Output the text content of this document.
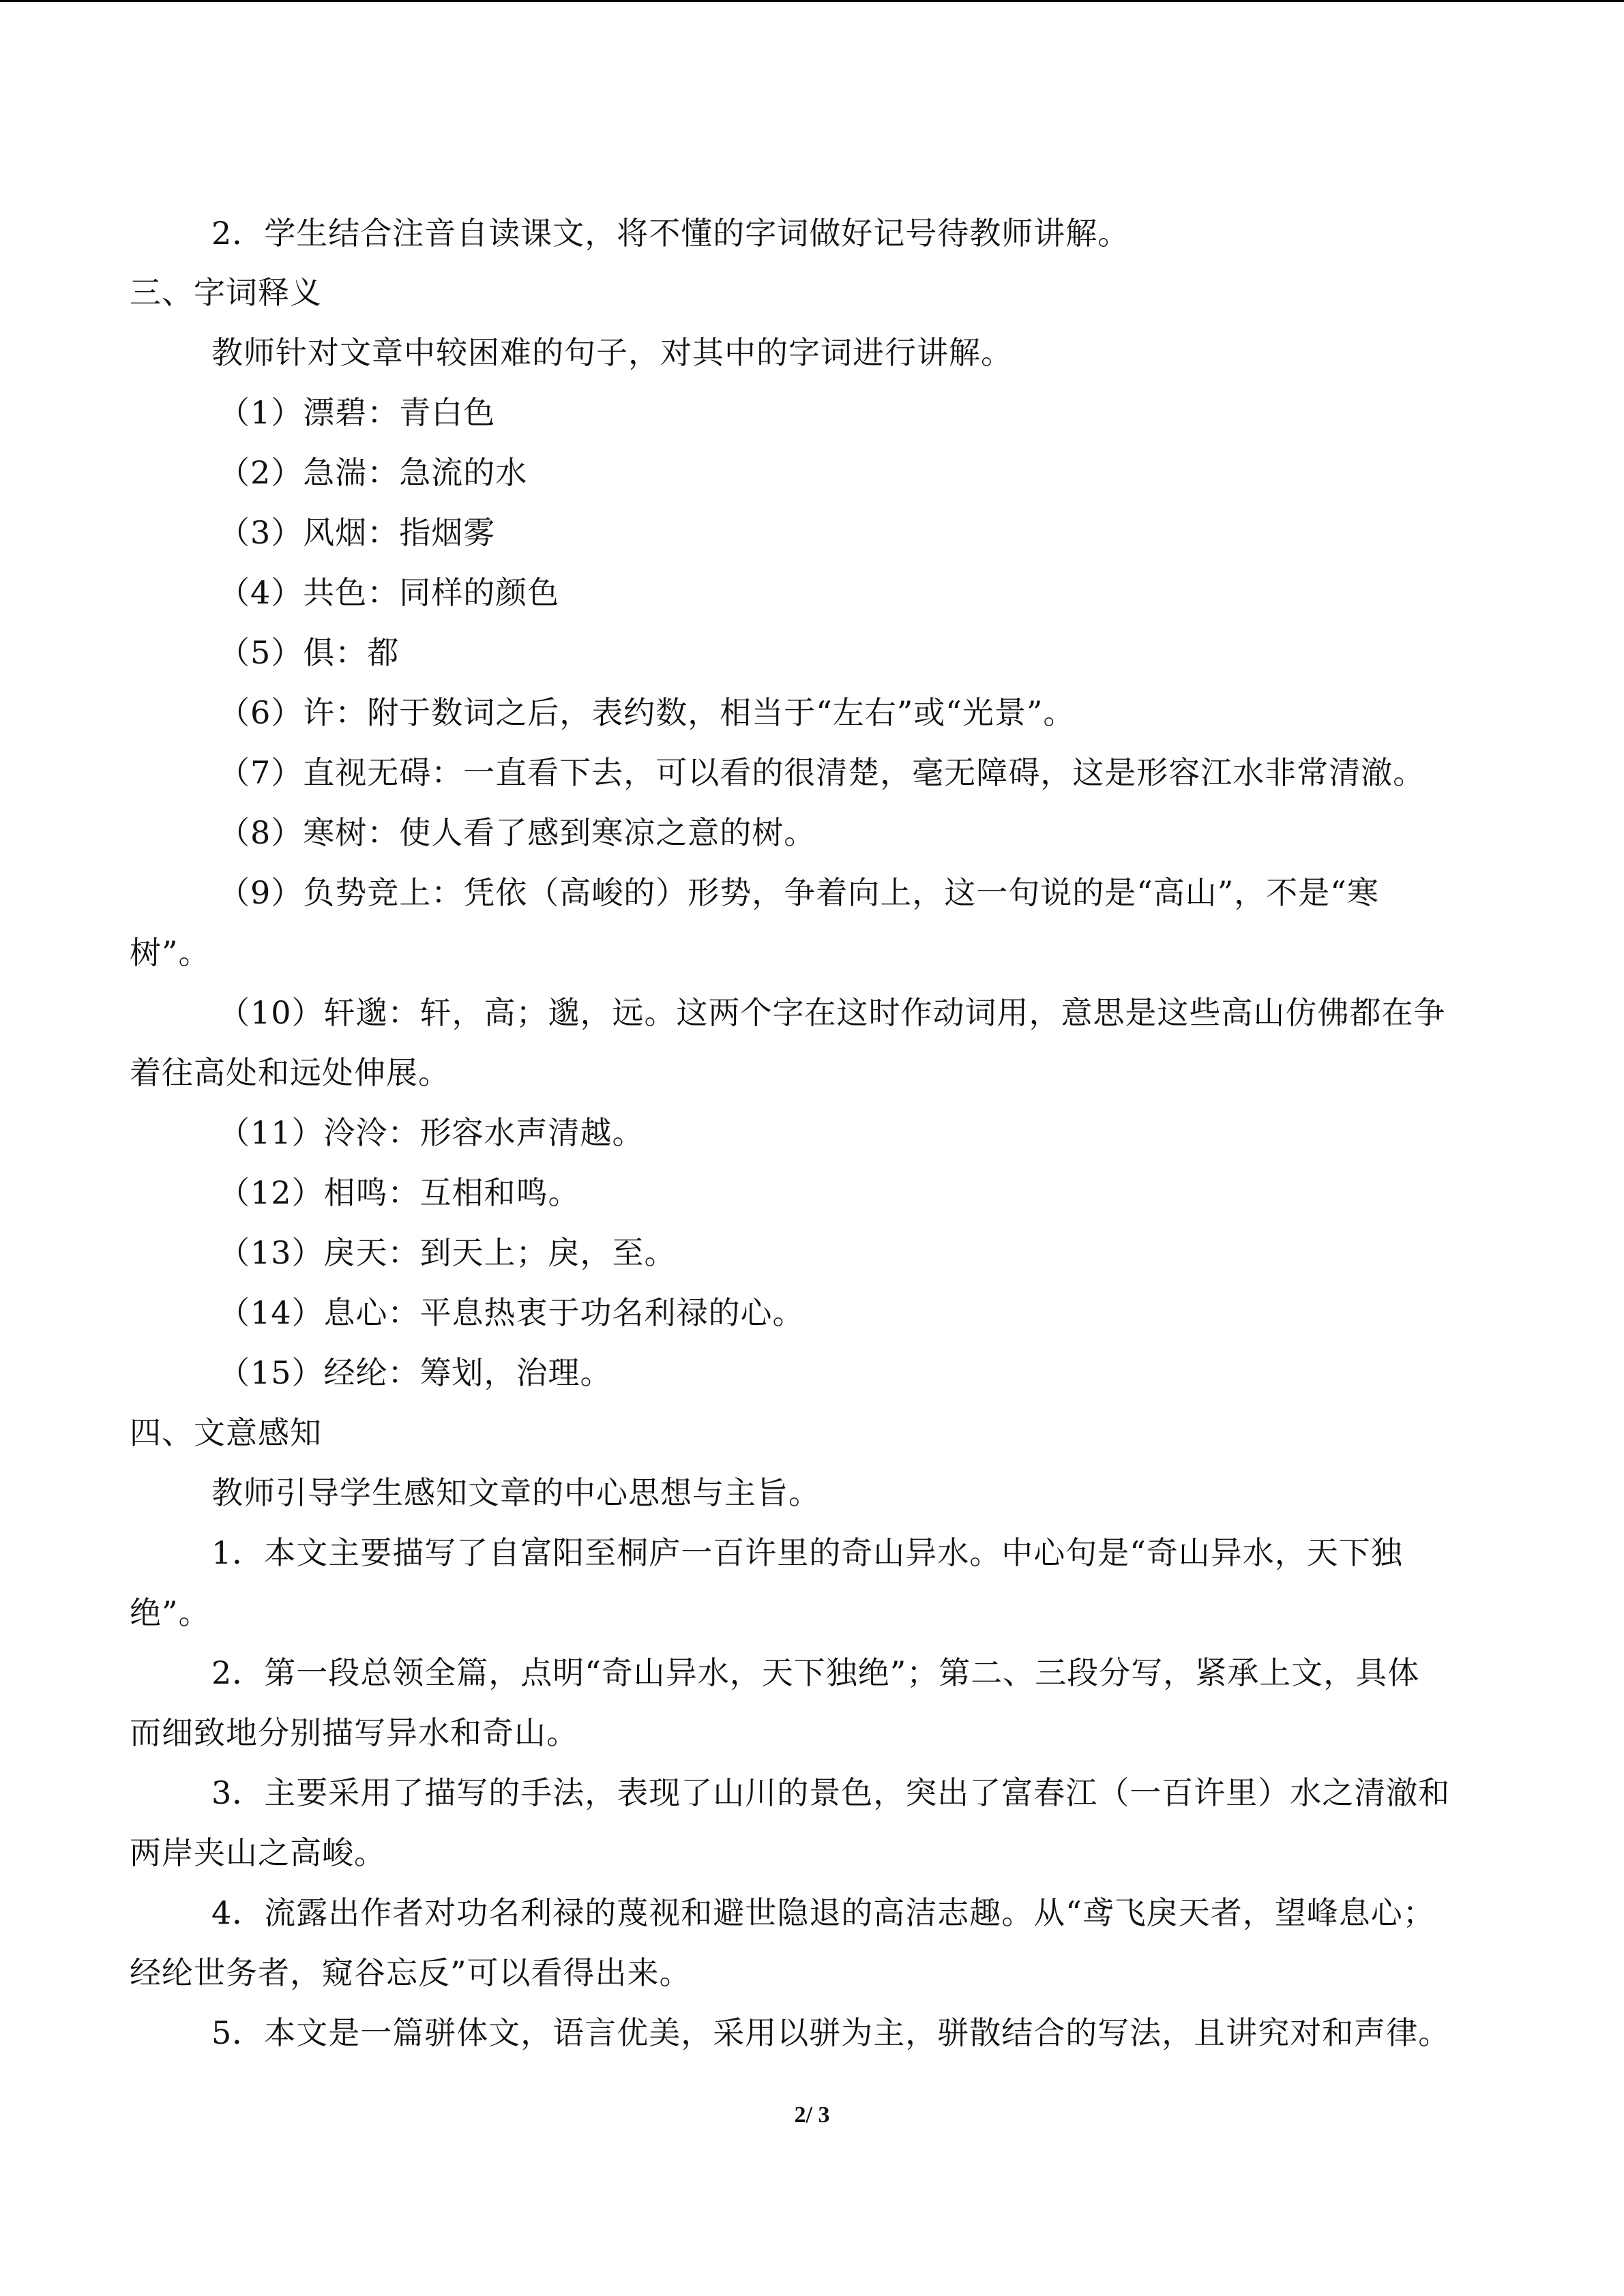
2．学生结合注音自读课文，将不懂的字词做好记号待教师讲解。
三、字词释义
教师针对文章中较困难的句子，对其中的字词进行讲解。
（1）漂碧：青白色
（2）急湍：急流的水
（3）风烟：指烟雾
（4）共色：同样的颜色
（5）俱：都
（6）许：附于数词之后，表约数，相当于“左右”或“光景”。
（7）直视无碍：一直看下去，可以看的很清楚，毫无障碍，这是形容江水非常清澈。
（8）寒树：使人看了感到寒凉之意的树。
（9）负势竞上：凭依（高峻的）形势，争着向上，这一句说的是“高山”，不是“寒
树”。
（10）轩邈：轩，高；邈，远。这两个字在这时作动词用，意思是这些高山仿佛都在争
着往高处和远处伸展。
（11）泠泠：形容水声清越。
（12）相鸣：互相和鸣。
（13）戾天：到天上；戾，至。
（14）息心：平息热衷于功名利禄的心。
（15）经纶：筹划，治理。
四、文意感知
教师引导学生感知文章的中心思想与主旨。
1．本文主要描写了自富阳至桐庐一百许里的奇山异水。中心句是“奇山异水，天下独
绝”。
2．第一段总领全篇，点明“奇山异水，天下独绝”；第二、三段分写，紧承上文，具体
而细致地分别描写异水和奇山。
3．主要采用了描写的手法，表现了山川的景色，突出了富春江（一百许里）水之清澈和
两岸夹山之高峻。
4．流露出作者对功名利禄的蔑视和避世隐退的高洁志趣。从“鸢飞戾天者，望峰息心；
经纶世务者，窥谷忘反”可以看得出来。
5．本文是一篇骈体文，语言优美，采用以骈为主，骈散结合的写法，且讲究对和声律。
2/ 3
